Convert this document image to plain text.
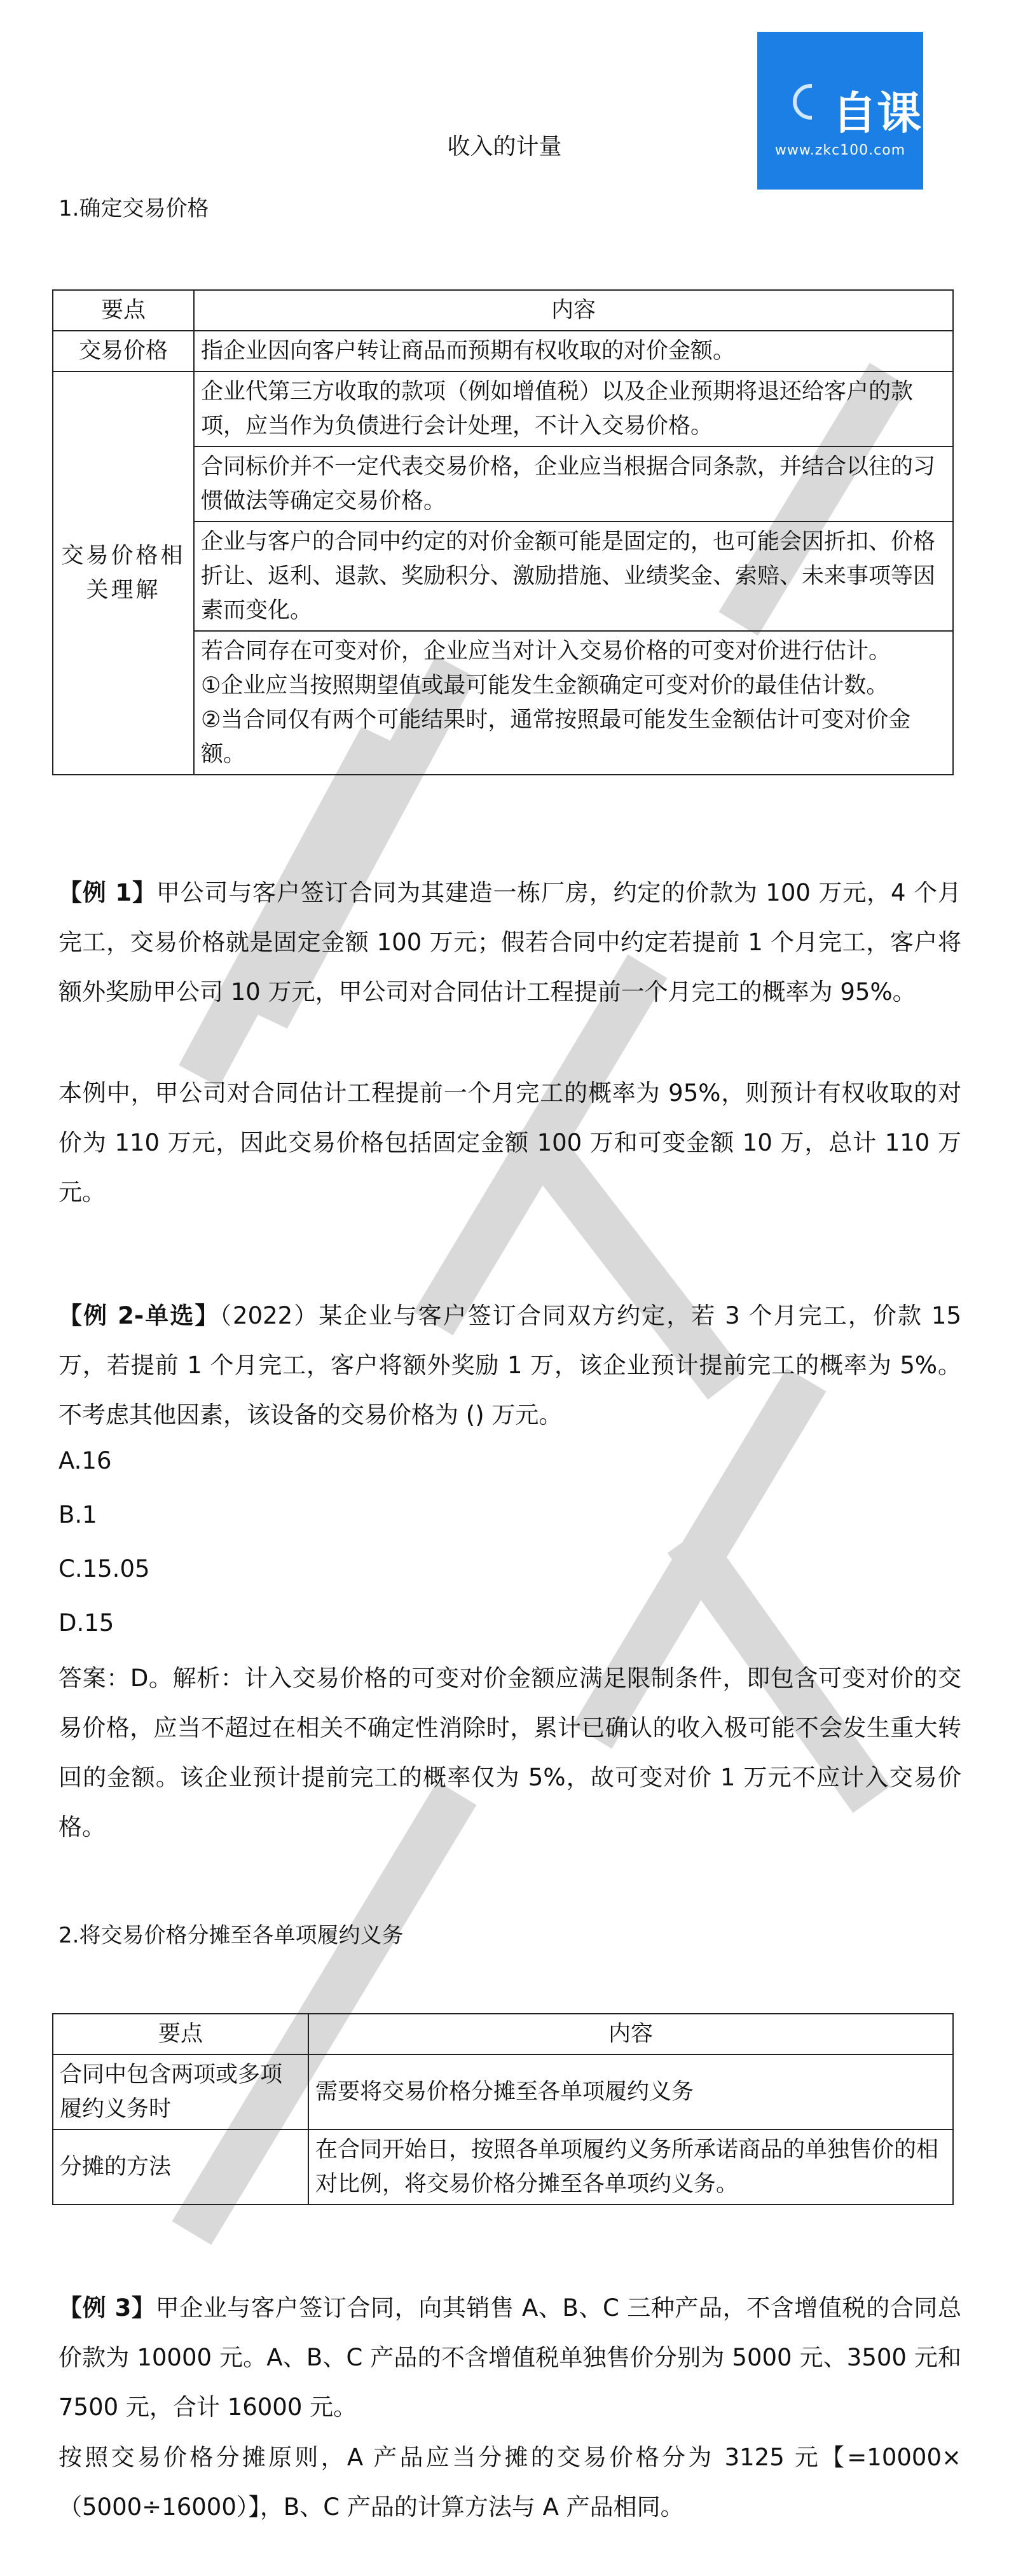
自课
www.zkc100.com
收入的计量
1.确定交易价格
要点	内容
交易价格	指企业因向客户转让商品而预期有权收取的对价金额。
交易价格相关理解	企业代第三方收取的款项（例如增值税）以及企业预期将退还给客户的款项，应当作为负债进行会计处理，不计入交易价格。
	合同标价并不一定代表交易价格，企业应当根据合同条款，并结合以往的习惯做法等确定交易价格。
	企业与客户的合同中约定的对价金额可能是固定的，也可能会因折扣、价格折让、返利、退款、奖励积分、激励措施、业绩奖金、索赔、未来事项等因素而变化。

	若合同存在可变对价，企业应当对计入交易价格的可变对价进行估计。
①企业应当按照期望值或最可能发生金额确定可变对价的最佳估计数。
②当合同仅有两个可能结果时，通常按照最可能发生金额估计可变对价金额。
【例 1】甲公司与客户签订合同为其建造一栋厂房，约定的价款为 100 万元，4 个月完工，交易价格就是固定金额 100 万元；假若合同中约定若提前 1 个月完工，客户将额外奖励甲公司 10 万元，甲公司对合同估计工程提前一个月完工的概率为 95%。
本例中，甲公司对合同估计工程提前一个月完工的概率为 95%，则预计有权收取的对价为 110 万元，因此交易价格包括固定金额 100 万和可变金额 10 万，总计 110 万元。
【例 2-单选】（2022）某企业与客户签订合同双方约定，若 3 个月完工，价款 15 万，若提前 1 个月完工，客户将额外奖励 1 万，该企业预计提前完工的概率为 5%。不考虑其他因素，该设备的交易价格为 () 万元。
A.16
B.1
C.15.05
D.15
答案：D。解析：计入交易价格的可变对价金额应满足限制条件，即包含可变对价的交易价格，应当不超过在相关不确定性消除时，累计已确认的收入极可能不会发生重大转回的金额。该企业预计提前完工的概率仅为 5%，故可变对价 1 万元不应计入交易价格。
2.将交易价格分摊至各单项履约义务
要点	内容
合同中包含两项或多项履约义务时	需要将交易价格分摊至各单项履约义务
分摊的方法	在合同开始日，按照各单项履约义务所承诺商品的单独售价的相对比例，将交易价格分摊至各单项约义务。
【例 3】甲企业与客户签订合同，向其销售 A、B、C 三种产品，不含增值税的合同总价款为 10000 元。A、B、C 产品的不含增值税单独售价分别为 5000 元、3500 元和 7500 元，合计 16000 元。
按照交易价格分摊原则，A 产品应当分摊的交易价格分为 3125 元【=10000×（5000÷16000）】，B、C 产品的计算方法与 A 产品相同。
